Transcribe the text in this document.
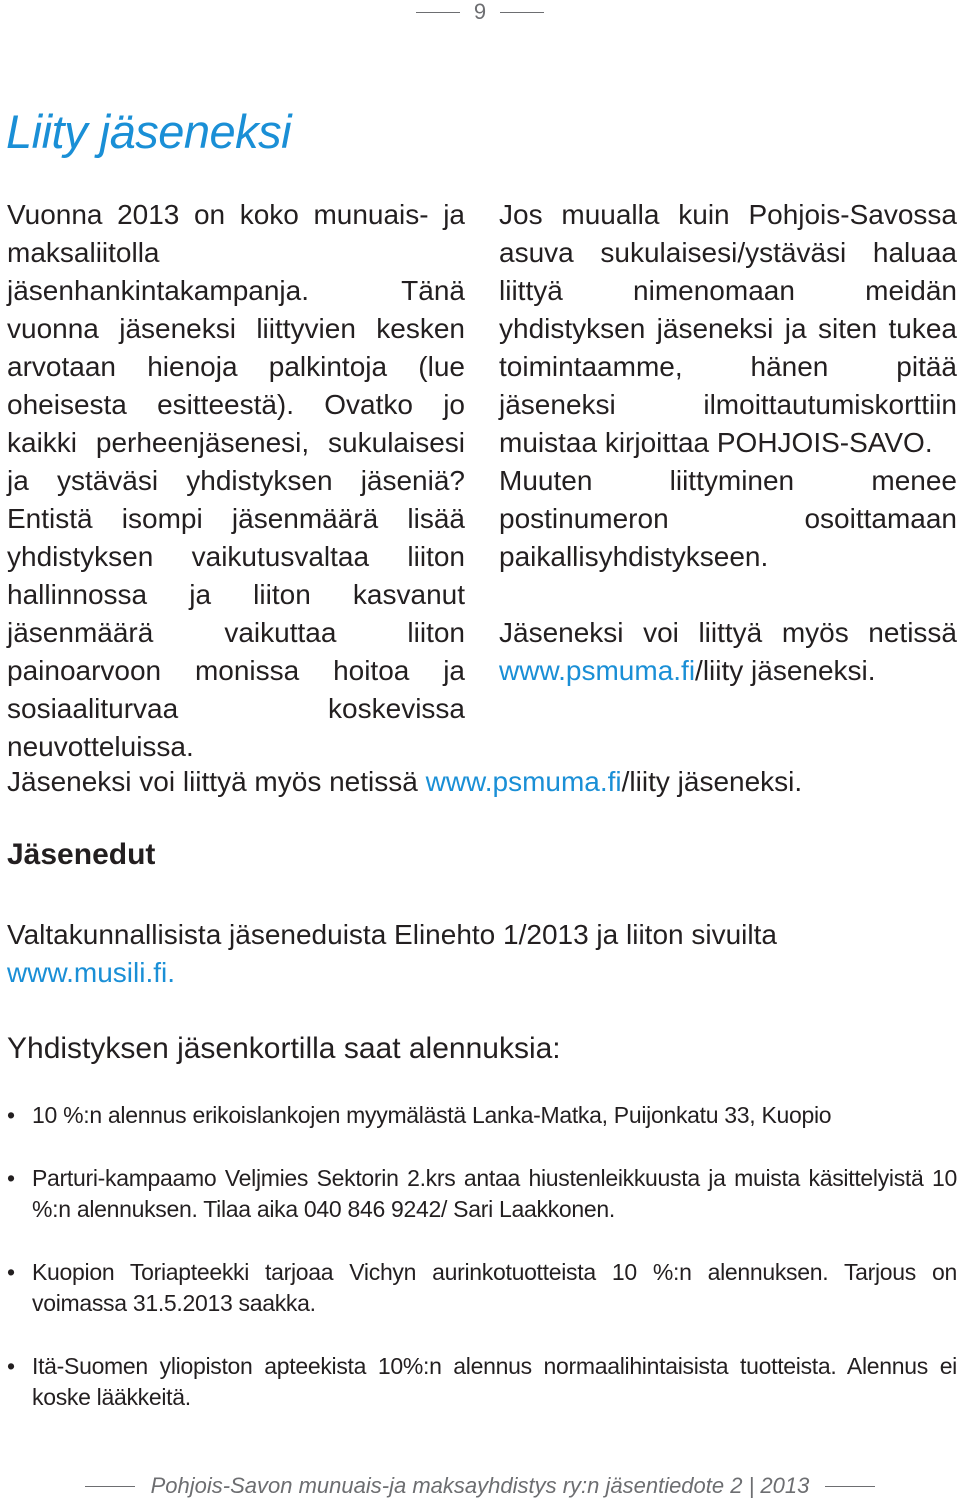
9
Liity jäseneksi

Vuonna 2013 on koko munuais- ja maksaliitolla jäsenhankintakampanja. Tänä vuonna jäseneksi liittyvien kesken arvotaan hienoja palkintoja (lue oheisesta esitteestä). Ovatko jo kaikki perheenjäsenesi, sukulaisesi ja ystäväsi yhdistyksen jäseniä? Entistä isompi jäsenmäärä lisää yhdistyksen vaikutusvaltaa liiton hallinnossa ja liiton kasvanut jäsenmäärä vaikuttaa liiton painoarvoon monissa hoitoa ja sosiaaliturvaa koskevissa neuvotteluissa.

Jos muualla kuin Pohjois-Savossa asuva sukulaisesi/ystäväsi haluaa liittyä nimenomaan meidän yhdistyksen jäseneksi ja siten tukea toimintaamme, hänen pitää jäseneksi ilmoittautumiskorttiin muistaa kirjoittaa POHJOIS-SAVO.

Muuten liittyminen menee postinumeron osoittamaan paikallisyhdistykseen.

Jäseneksi voi liittyä myös netissä www.psmuma.fi/liity jäseneksi.

Jäseneksi voi liittyä myös netissä www.psmuma.fi/liity jäseneksi.
Jäsenedut
Valtakunnallisista jäseneduista Elinehto 1/2013 ja liiton sivuilta
www.musili.fi.
Yhdistyksen jäsenkortilla saat alennuksia:
• 10 %:n alennus erikoislankojen myymälästä Lanka-Matka, Puijonkatu 33, Kuopio
• Parturi-kampaamo Veljmies Sektorin 2.krs antaa hiustenleikkuusta ja muista käsittelyistä 10 %:n alennuksen. Tilaa aika 040 846 9242/ Sari Laakkonen.
• Kuopion Toriapteekki tarjoaa Vichyn aurinkotuotteista 10 %:n alennuksen. Tarjous on voimassa 31.5.2013 saakka.
• Itä-Suomen yliopiston apteekista 10%:n alennus normaalihintaisista tuotteista. Alennus ei koske lääkkeitä.
Pohjois-Savon munuais-ja maksayhdistys ry:n jäsentiedote 2 | 2013
